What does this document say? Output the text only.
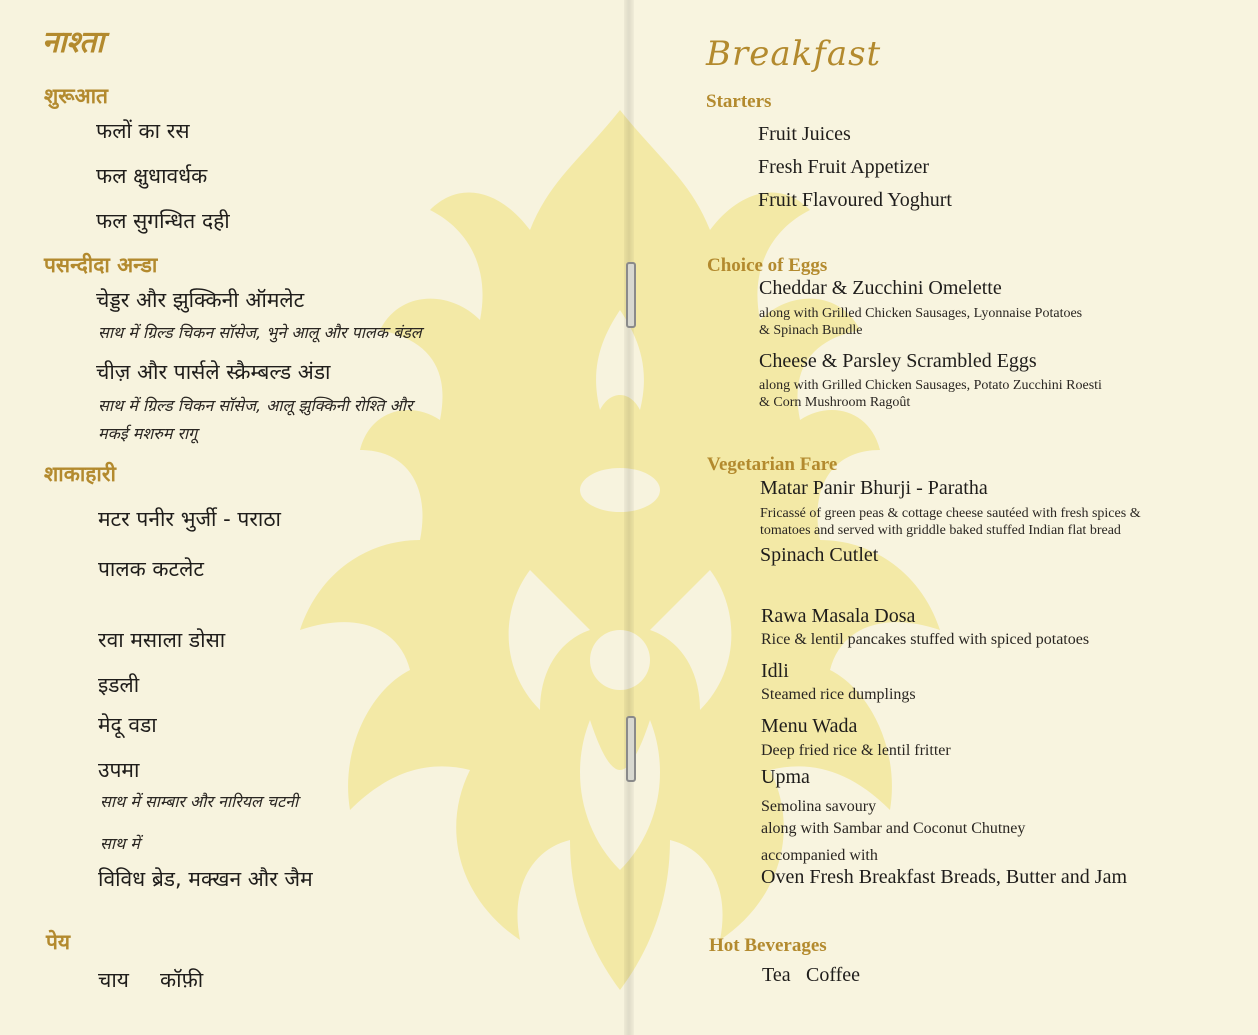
नाश्ता
शुरूआत
फलों का रस
फल क्षुधावर्धक
फल सुगन्धित दही
पसन्दीदा अन्डा
चेड्डर और झुक्किनी ऑमलेट
साथ में ग्रिल्ड चिकन सॉसेज, भुने आलू और पालक बंडल
चीज़ और पार्सले स्क्रैम्बल्ड अंडा
साथ में ग्रिल्ड चिकन सॉसेज, आलू झुक्किनी रोश्ति और
मकई मशरुम रागू
शाकाहारी
मटर पनीर भुर्जी - पराठा
पालक कटलेट
रवा मसाला डोसा
इडली
मेदू वडा
उपमा
साथ में साम्बार और नारियल चटनी
साथ में
विविध ब्रेड, मक्खन और जैम
पेय
चाय कॉफ़ी
Breakfast
Starters
Fruit Juices
Fresh Fruit Appetizer
Fruit Flavoured Yoghurt
Choice of Eggs
Cheddar & Zucchini Omelette
along with Grilled Chicken Sausages, Lyonnaise Potatoes
& Spinach Bundle
Cheese & Parsley Scrambled Eggs
along with Grilled Chicken Sausages, Potato Zucchini Roesti
& Corn Mushroom Ragoût
Vegetarian Fare
Matar Panir Bhurji - Paratha
Fricassé of green peas & cottage cheese sautéed with fresh spices &
tomatoes and served with griddle baked stuffed Indian flat bread
Spinach Cutlet
Rawa Masala Dosa
Rice & lentil pancakes stuffed with spiced potatoes
Idli
Steamed rice dumplings
Menu Wada
Deep fried rice & lentil fritter
Upma
Semolina savoury
along with Sambar and Coconut Chutney
accompanied with
Oven Fresh Breakfast Breads, Butter and Jam
Hot Beverages
Tea Coffee
